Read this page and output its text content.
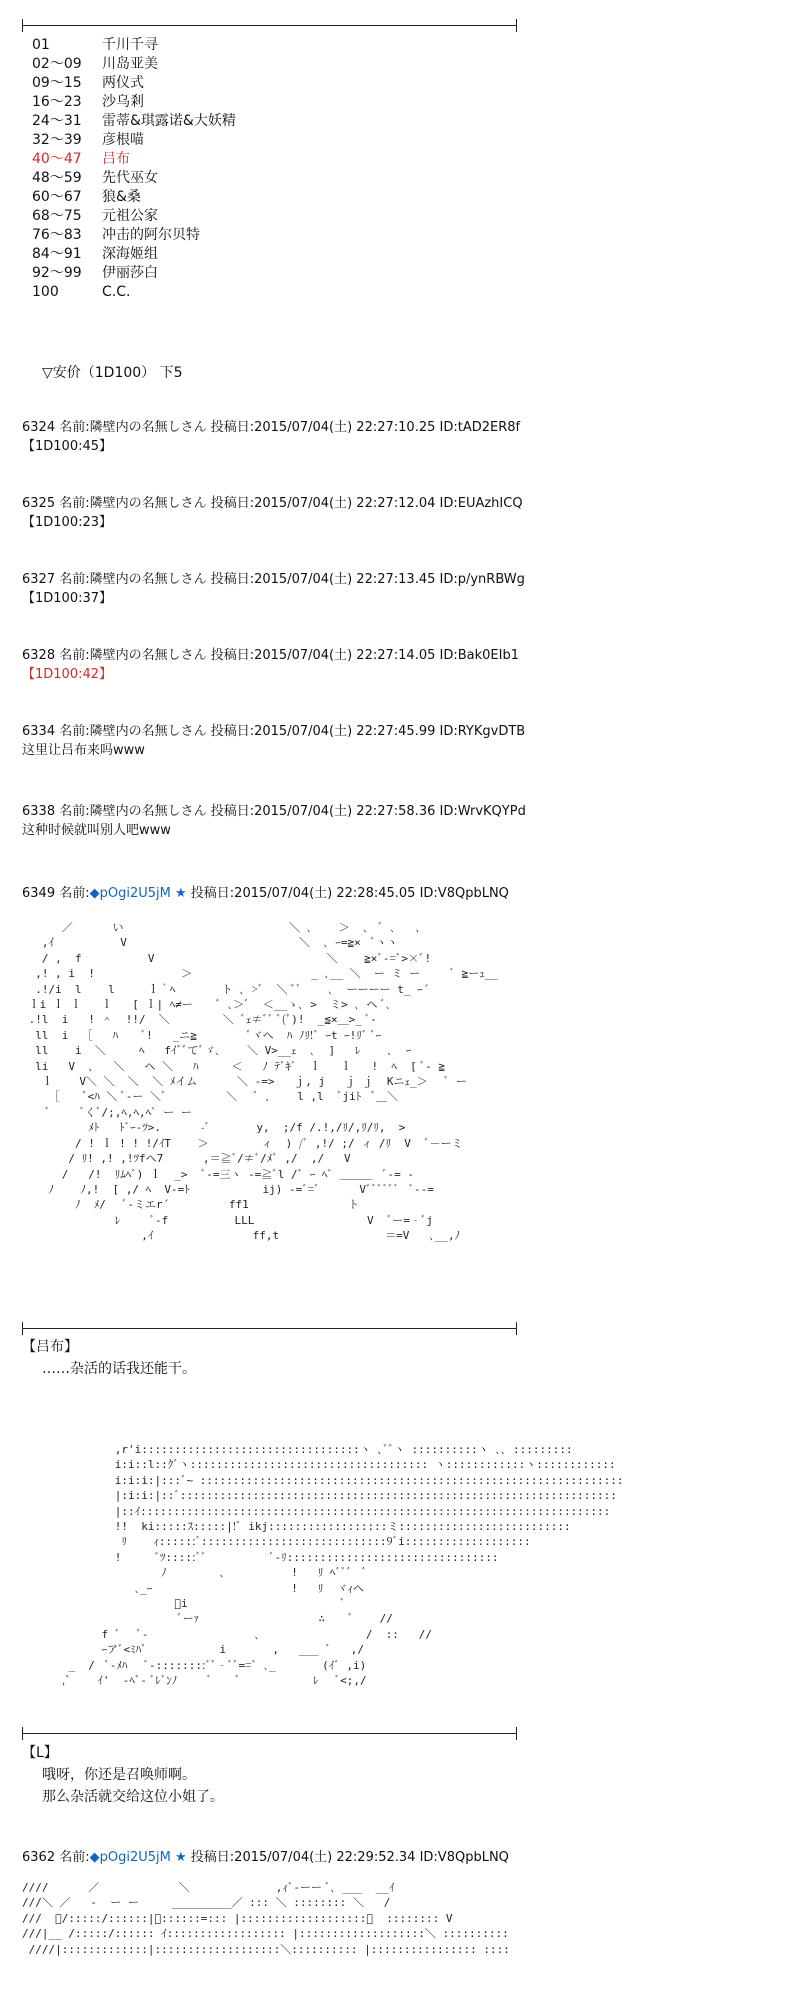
01	千川千寻
02～09 川岛亚美
09～15 两仪式
16～23 沙乌剎
24～31 雷蒂&琪露诺&大妖精
32～39 彦根喵
40～47 吕布
48～59 先代巫女
60～67 狼&桑
68～75 元祖公家
76～83 冲击的阿尔贝特
84～91 深海姬组
92～99 伊丽莎白
100	C.C.
▽安价（1D100） 下5
6324 名前:隣壁内の名無しさん 投稿日:2015/07/04(土) 22:27:10.25 ID:tAD2ER8f
【1D100:45】
6325 名前:隣壁内の名無しさん 投稿日:2015/07/04(土) 22:27:12.04 ID:EUAzhICQ
【1D100:23】
6327 名前:隣壁内の名無しさん 投稿日:2015/07/04(土) 22:27:13.45 ID:p/ynRBWg
【1D100:37】
6328 名前:隣壁内の名無しさん 投稿日:2015/07/04(土) 22:27:14.05 ID:Bak0EIb1
【1D100:42】
6334 名前:隣壁内の名無しさん 投稿日:2015/07/04(土) 22:27:45.99 ID:RYKgvDTB
这里让吕布来吗www
6338 名前:隣壁内の名無しさん 投稿日:2015/07/04(土) 22:27:58.36 ID:WrvKQYPd
这种时候就叫别人吧www
6349 名前:◆pOgi2U5jM ★ 投稿日:2015/07/04(土) 22:28:45.05 ID:V8QpbLNQ
／      い                         ＼ ､    ＞  ､  ﾞ ､   ､
,ｲ          V                          ＼  ､ ｰ=≧×  ﾞヽヽ
/ ,  f          V                          ＼    ≧×ﾞ‐=ﾞ>×ﾞ!
,! , i  !             ＞                  _ ､__ ＼  ー ミ ー     ﾞ ≧ーｭ__
.!/i  l    l     ｌ｀ﾍ       ト ､ >ﾞ  ＼ ﾞﾞ    ､  ーーーー t_ ｰ´
ｌi ｌ ｌ   ｌ   [ ｌ| ﾍ≠ー    ﾞ ､＞ﾞ  ＜__ゝ､ >  ミ> ､ ヘ ﾞ､
.!l  i   ! ＾  !!/  ＼        ＼ ﾞｪ≠ﾞﾞ ﾞ(ﾞ)!  _≦×＿>_ ﾞ‐
ll  i  ［   ﾊ    ﾞ!   _ニ≧        ﾞヾヘ  ﾊ ﾉﾘ!ﾞ ｰt ｰ!ﾘﾞ ﾞｰ
ll    i  ＼     ﾍ   fｲﾞﾞてﾞゞ､    ＼ V>__ｪ  ､  ]   ﾚ    ､  ｰ
li   V  ､   ＼   ヘ ＼   ﾊ     ＜   ﾉ ﾃﾞｷﾞ  ｌ   ｌ   !  ﾍ  [ ﾞ- ≧
ｌ    V＼ ＼  ＼  ＼ ﾒイム      ＼ ‐=>   ｊ, j   ｊ ｊ  Kニｪ_＞   ﾞ ー
［    ﾞ<ﾊ ＼ ﾞ‐ー ＼ﾞ         ＼   ﾞ ､    l ,l  ﾞjiﾄ  ﾞ＿＼
ﾞ     ﾞくﾞ/;,ﾍ,ﾍ,ﾍﾞ ー ー
ﾒﾄ   ﾄﾞｰ-ﾂ>.      -ﾞ       y,  ;/f /.!,/ﾘ/,ﾘ/ﾘ,  >
/ ! ｌ ! ! !/ｲT    ＞        ィ  ) /ﾞ ,!/ ;/ ィ /ﾘ  V  ﾞ－ーミ
/ ﾘ! ,! ,!ﾂfヘ7      ,＝≧ﾞ/≠ﾞ/ﾒﾞ ,/  ,/   V
/   /!  ﾘﾑﾍﾞ) ｌ  _>  ﾞ‐=三ヽ ‐=≧ﾞl /ﾞ ｰ ﾍﾞ ＿＿＿  ﾞ‐= -
ﾉ    ﾉ,!  [ ,/ ﾍ  V‐=ﾄ           ij) -=ﾞ=ﾞ      Vﾞﾞﾞﾞﾞﾞ  ﾞ‐-=
ﾉ  ﾒ/   ﾞ-ミエr´         ff1               ト
ﾚ     ﾞ-f          LLL                 V  ﾞー=‐ﾞj
,ｲ               ff,t                ＝=V   ､__,ﾉ
【吕布】
……杂活的话我还能干。
,r'i:::::::::::::::::::::::::::::::::ヽ ､ﾞﾞヽ ::::::::::ヽ ､､ :::::::::
i:i::l::ｸﾞヽ:::::::::::::::::::::::::::::::::::: ヽ::::::::::::ヽ::::::::::::
i:i:i:|:::ﾞ~ ::::::::::::::::::::::::::::::::::::::::::::::::::::::::::::::::
|:i:i:|::ﾞ::::::::::::::::::::::::::::::::::::::::::::::::::::::::::::::::::
|::ｲ:::::::::::::::::::::::::::::::::::::::::::::::::::::::::::::::::::::::
!!  ki:::::ｽ:::::|!ﾞ ikj::::::::::::::::::ミ::::::::::::::::::::::::::
ﾘ    ｨ::::::ﾞ::::::::::::::::::::::::::::9ﾞi:::::::::::::::::::
!     ﾞﾂ:::::ﾞﾞ          ﾞ‐ﾘ::::::::::::::::::::::::::::::::
ﾉ        ､          !   ﾘ ﾍﾞﾞﾞ  ﾞ
､_ｰ                     !   ﾘ  ヾｨヘ
ﾞi                       ﾞ
ﾞーｧ                  ∴    ﾞ    //
f ﾞ   ﾞ‐                ､                /  ::   //
ｰアﾞ<ﾐﾊﾞ           i       ,   ___ ﾞ   ,/
_  /  ﾞ-ﾒﾊ   ﾞ-::::::::ﾞﾞ‐ﾞﾞ==ﾞ ､_       (ｲﾞ ,i)
,ﾞ    ｲ'  -ﾍﾞ- ﾞﾚﾞﾝﾉ     ﾞ    ﾞ           ﾚ   ﾞ<;,/
【L】
哦呀，你还是召唤师啊。
那么杂活就交给这位小姐了。
6362 名前:◆pOgi2U5jM ★ 投稿日:2015/07/04(土) 22:29:52.34 ID:V8QpbLNQ
////      ／            ＼             ,ｨﾞ‐ーー ﾞ､ ___  __ｲ
///＼ ／   ‐  ー ー     _________／ ::: ＼ :::::::: ＼   /
///  ﾞ/:::::/::::::|ﾞ::::::=::: |:::::::::::::::::::＼  :::::::: V
///|__ /:::::/:::::: ｲ:::::::::::::::::: |:::::::::::::::::::＼ ::::::::::
////|:::::::::::::|:::::::::::::::::::＼:::::::::: |:::::::::::::::: ::::
